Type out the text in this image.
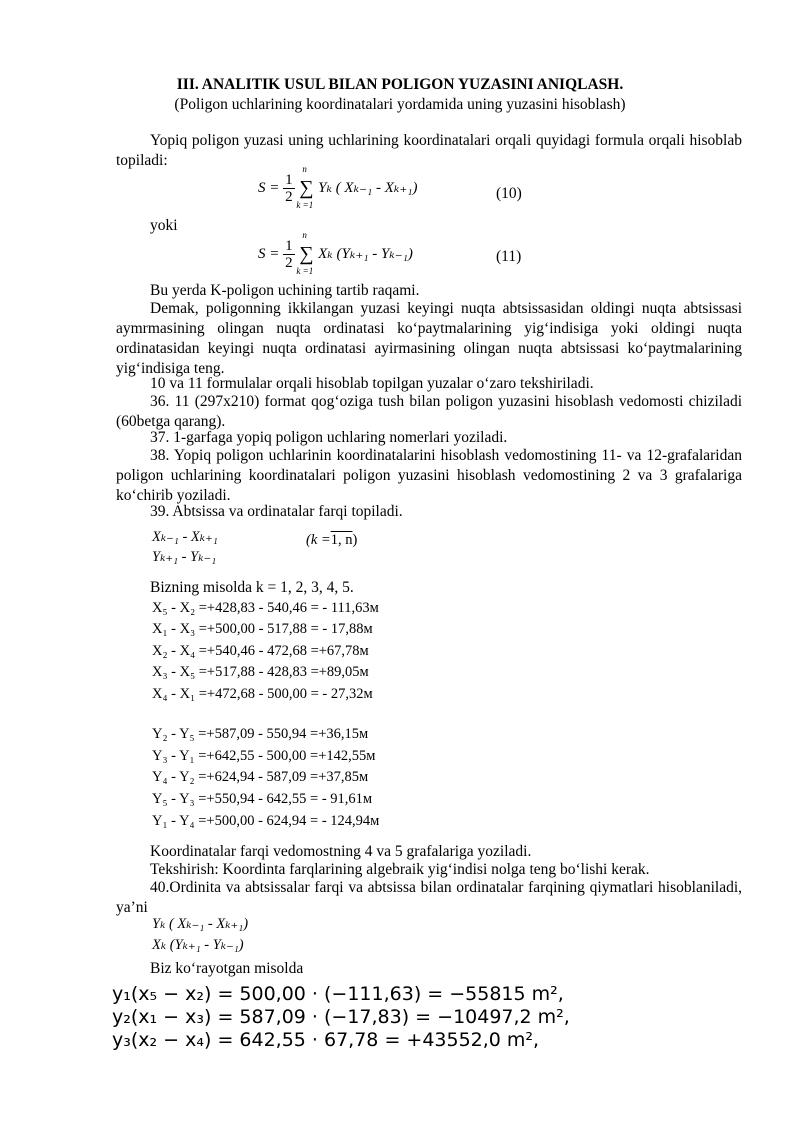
III. ANALITIK USUL BILAN POLIGON YUZASINI ANIQLASH.
(Poligon uchlarining koordinatalari yordamida uning yuzasini hisoblash)
Yopiq poligon yuzasi uning uchlarining koordinatalari orqali quyidagi formula orqali hisoblab topiladi:
$S = \frac{1}{2}$

n
∑
k =1
Yₖ ( Xₖ₋₁ - Xₖ₊₁)	(10)
yoki
$S = \frac{1}{2}$

n
∑
k =1
Xₖ (Yₖ₊₁ - Yₖ₋₁)	(11)
Bu yerda K-poligon uchining tartib raqami.
Demak, poligonning ikkilangan yuzasi keyingi nuqta abtsissasidan oldingi nuqta abtsissasi aymrmasining olingan nuqta ordinatasi ko‘paytmalarining yig‘indisiga yoki oldingi nuqta ordinatasidan keyingi nuqta ordinatasi ayirmasining olingan nuqta abtsissasi ko‘paytmalarining yig‘indisiga teng.
10 va 11 formulalar orqali hisoblab topilgan yuzalar o‘zaro tekshiriladi.
36. 11 (297x210) format qog‘oziga tush bilan poligon yuzasini hisoblash vedomosti chiziladi (60betga qarang).
37. 1-garfaga yopiq poligon uchlaring nomerlari yoziladi.
38. Yopiq poligon uchlarinin koordinatalarini hisoblash vedomostining 11- va 12-grafalaridan poligon uchlarining koordinatalari poligon yuzasini hisoblash vedomostining 2 va 3 grafalariga ko‘chirib yoziladi.
39. Abtsissa va ordinatalar farqi topiladi.
Xₖ₋₁ - Xₖ₊₁	(k =1, n)
Yₖ₊₁ - Yₖ₋₁
Bizning misolda k = 1, 2, 3, 4, 5.
X₅ - X₂ =+428,83 - 540,46 = - 111,63м
X₁ - X₃ =+500,00 - 517,88 = - 17,88м
X₂ - X₄ =+540,46 - 472,68 =+67,78м
X₃ - X₅ =+517,88 - 428,83 =+89,05м
X₄ - X₁ =+472,68 - 500,00 = - 27,32м
Y₂ - Y₅ =+587,09 - 550,94 =+36,15м
Y₃ - Y₁ =+642,55 - 500,00 =+142,55м
Y₄ - Y₂ =+624,94 - 587,09 =+37,85м
Y₅ - Y₃ =+550,94 - 642,55 = - 91,61м
Y₁ - Y₄ =+500,00 - 624,94 = - 124,94м
Koordinatalar farqi vedomostning 4 va 5 grafalariga yoziladi.
Tekshirish: Koordinta farqlarining algebraik yig‘indisi nolga teng bo‘lishi kerak.
40.Ordinita va abtsissalar farqi va abtsissa bilan ordinatalar farqining qiymatlari hisoblaniladi, ya’ni
Yₖ ( Xₖ₋₁ - Xₖ₊₁)
Xₖ (Yₖ₊₁ - Yₖ₋₁)
Biz ko‘rayotgan misolda
y₁(x₅ − x₂) = 500,00 · (−111,63) = −55815 m²,
y₂(x₁ − x₃) = 587,09 · (−17,83) = −10497,2 m²,
y₃(x₂ − x₄) = 642,55 · 67,78 = +43552,0 m²,
